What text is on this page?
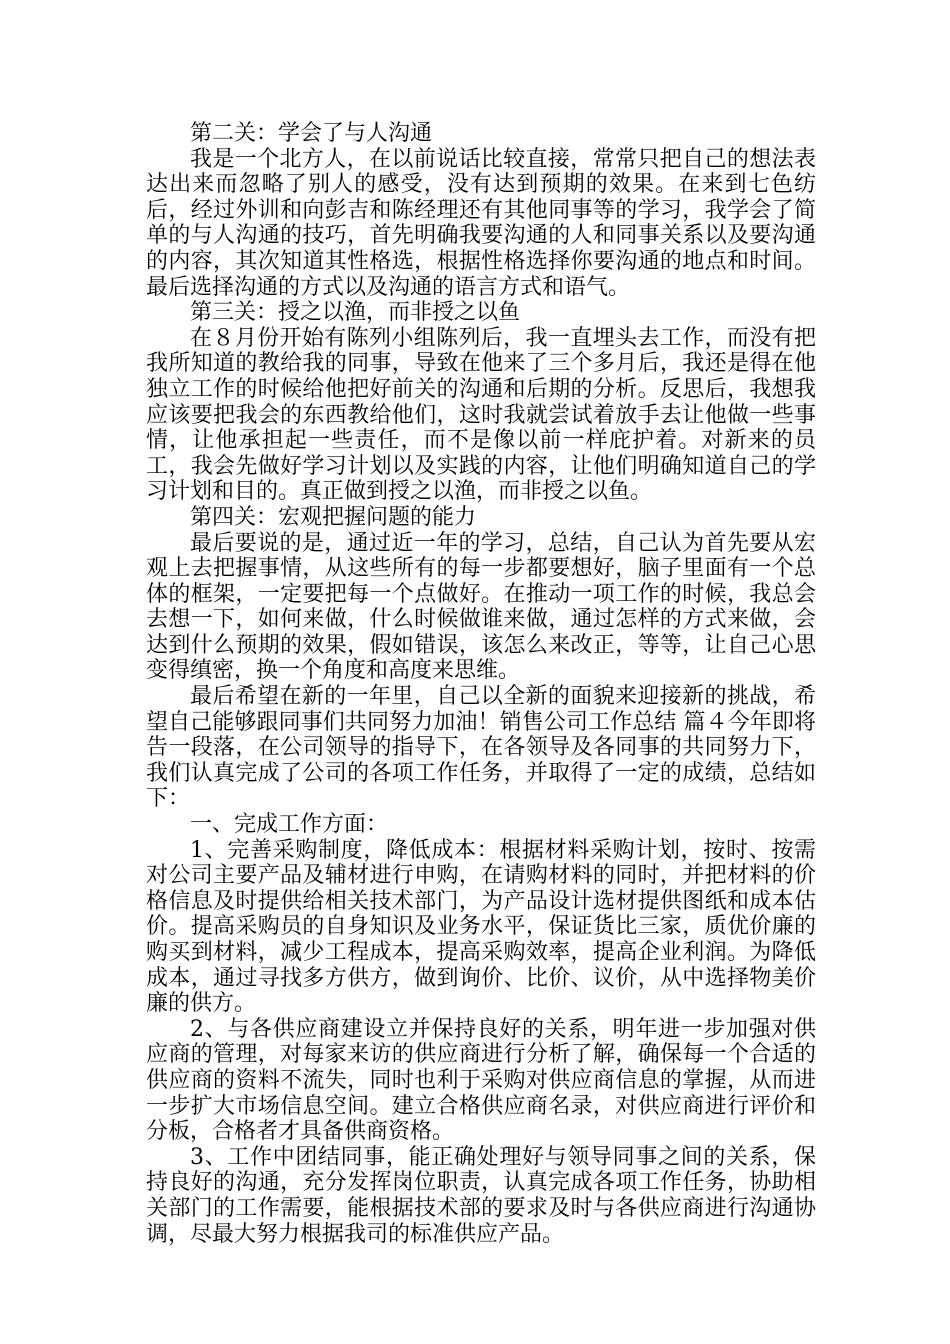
第二关：学会了与人沟通

我是一个北方人，在以前说话比较直接，常常只把自己的想法表达出来而忽略了别人的感受，没有达到预期的效果。在来到七色纺后，经过外训和向彭吉和陈经理还有其他同事等的学习，我学会了简单的与人沟通的技巧，首先明确我要沟通的人和同事关系以及要沟通的内容，其次知道其性格选，根据性格选择你要沟通的地点和时间。最后选择沟通的方式以及沟通的语言方式和语气。

第三关：授之以渔，而非授之以鱼

在８月份开始有陈列小组陈列后，我一直埋头去工作，而没有把我所知道的教给我的同事，导致在他来了三个多月后，我还是得在他独立工作的时候给他把好前关的沟通和后期的分析。反思后，我想我应该要把我会的东西教给他们，这时我就尝试着放手去让他做一些事情，让他承担起一些责任，而不是像以前一样庇护着。对新来的员工，我会先做好学习计划以及实践的内容，让他们明确知道自己的学习计划和目的。真正做到授之以渔，而非授之以鱼。

第四关：宏观把握问题的能力

最后要说的是，通过近一年的学习，总结，自己认为首先要从宏观上去把握事情，从这些所有的每一步都要想好，脑子里面有一个总体的框架，一定要把每一个点做好。在推动一项工作的时候，我总会去想一下，如何来做，什么时候做谁来做，通过怎样的方式来做，会达到什么预期的效果，假如错误，该怎么来改正，等等，让自己心思变得缜密，换一个角度和高度来思维。

最后希望在新的一年里，自己以全新的面貌来迎接新的挑战，希望自己能够跟同事们共同努力加油！销售公司工作总结 篇４今年即将告一段落，在公司领导的指导下，在各领导及各同事的共同努力下，我们认真完成了公司的各项工作任务，并取得了一定的成绩，总结如下：

一、完成工作方面：

1、完善采购制度，降低成本：根据材料采购计划，按时、按需对公司主要产品及辅材进行申购，在请购材料的同时，并把材料的价格信息及时提供给相关技术部门，为产品设计选材提供图纸和成本估价。提高采购员的自身知识及业务水平，保证货比三家，质优价廉的购买到材料，减少工程成本，提高采购效率，提高企业利润。为降低成本，通过寻找多方供方，做到询价、比价、议价，从中选择物美价廉的供方。

2、与各供应商建设立并保持良好的关系，明年进一步加强对供应商的管理，对每家来访的供应商进行分析了解，确保每一个合适的供应商的资料不流失，同时也利于采购对供应商信息的掌握，从而进一步扩大市场信息空间。建立合格供应商名录，对供应商进行评价和分板，合格者才具备供商资格。

3、工作中团结同事，能正确处理好与领导同事之间的关系，保持良好的沟通，充分发挥岗位职责，认真完成各项工作任务，协助相关部门的工作需要，能根据技术部的要求及时与各供应商进行沟通协调，尽最大努力根据我司的标准供应产品。
